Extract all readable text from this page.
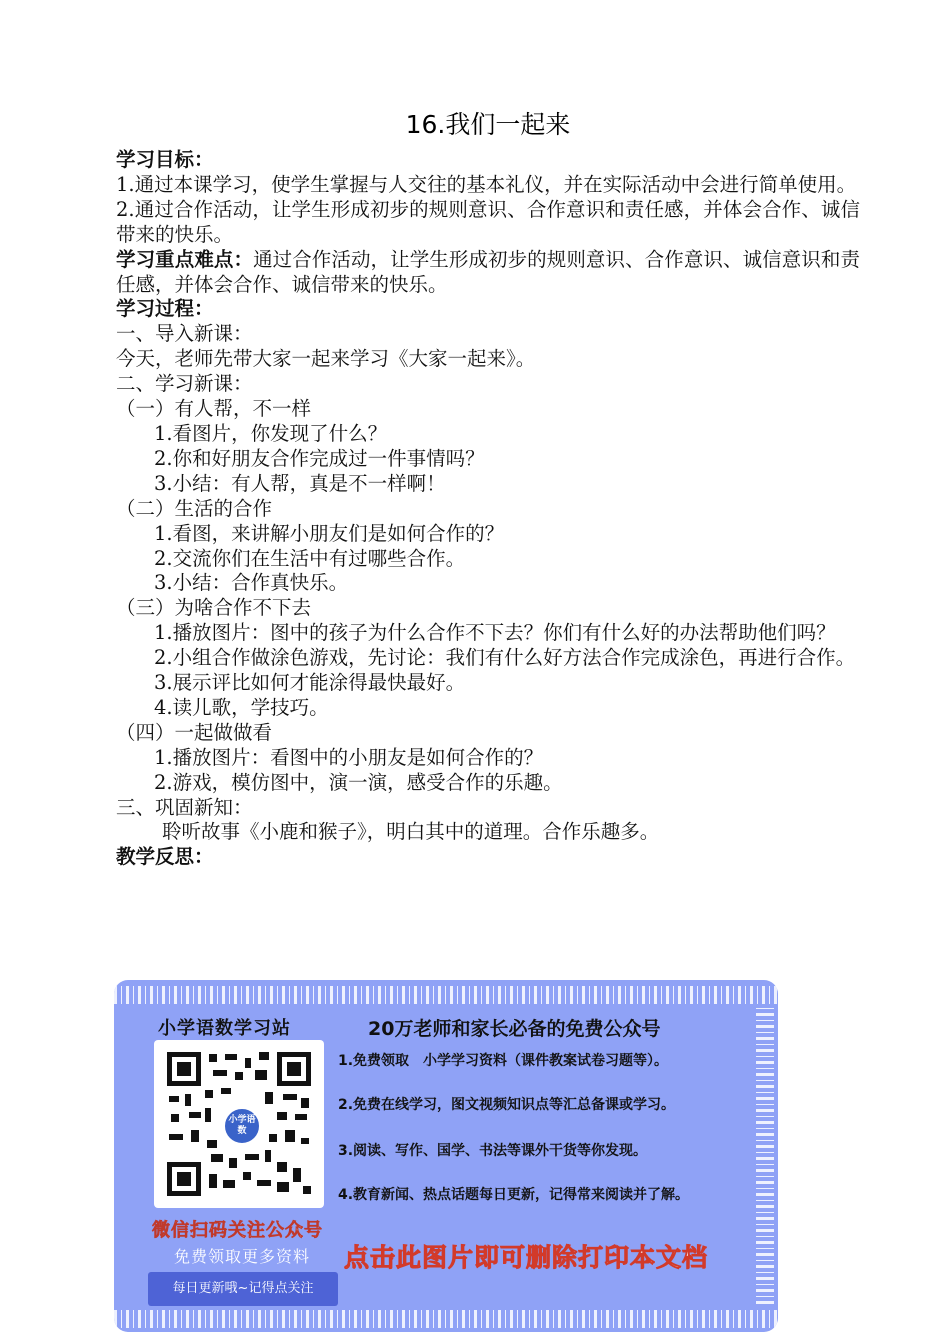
16.我们一起来

学习目标：

1.通过本课学习，使学生掌握与人交往的基本礼仪，并在实际活动中会进行简单使用。

2.通过合作活动，让学生形成初步的规则意识、合作意识和责任感，并体会合作、诚信带来的快乐。

学习重点难点：通过合作活动，让学生形成初步的规则意识、合作意识、诚信意识和责任感，并体会合作、诚信带来的快乐。

学习过程：

一、导入新课：

今天，老师先带大家一起来学习《大家一起来》。

二、学习新课：

（一）有人帮，不一样

1.看图片，你发现了什么？

2.你和好朋友合作完成过一件事情吗？

3.小结：有人帮，真是不一样啊！

（二）生活的合作

1.看图，来讲解小朋友们是如何合作的？

2.交流你们在生活中有过哪些合作。

3.小结：合作真快乐。

（三）为啥合作不下去

1.播放图片：图中的孩子为什么合作不下去？你们有什么好的办法帮助他们吗？

2.小组合作做涂色游戏，先讨论：我们有什么好方法合作完成涂色，再进行合作。

3.展示评比如何才能涂得最快最好。

4.读儿歌，学技巧。

（四）一起做做看

1.播放图片：看图中的小朋友是如何合作的？

2.游戏，模仿图中，演一演，感受合作的乐趣。

三、巩固新知：

聆听故事《小鹿和猴子》，明白其中的道理。合作乐趣多。

教学反思：

小学语数学习站
小学语数
微信扫码关注公众号
免费领取更多资料
每日更新哦~记得点关注
20万老师和家长必备的免费公众号
1.免费领取　小学学习资料（课件教案试卷习题等）。
2.免费在线学习，图文视频知识点等汇总备课或学习。
3.阅读、写作、国学、书法等课外干货等你发现。
4.教育新闻、热点话题每日更新，记得常来阅读并了解。
点击此图片即可删除打印本文档
